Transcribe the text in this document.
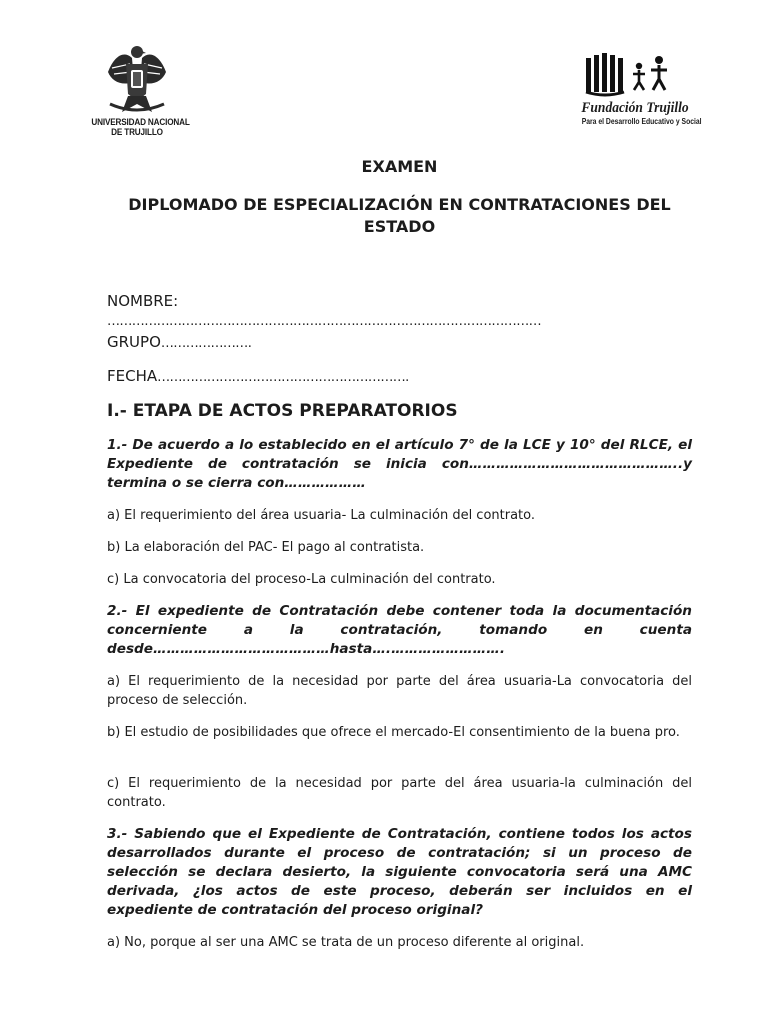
UNIVERSIDAD NACIONAL
DE TRUJILLO
Fundación Trujillo
Para el Desarrollo Educativo y Social
EXAMEN
DIPLOMADO DE ESPECIALIZACIÓN EN CONTRATACIONES DEL ESTADO
NOMBRE:
……………………………………………………………………………………………
GRUPO………………….
FECHA…………………………………………………….
I.- ETAPA DE ACTOS PREPARATORIOS
1.- De acuerdo a lo establecido en el artículo 7° de la LCE y 10° del RLCE, el Expediente de contratación se inicia con………………………………………..y termina o se cierra con………………
a) El requerimiento del área usuaria- La culminación del contrato.
b) La elaboración del PAC- El pago al contratista.
c) La convocatoria del proceso-La culminación del contrato.
2.- El expediente de Contratación debe contener toda la documentación concerniente a la contratación, tomando en cuenta desde…………………………………hasta….…………………….
a) El requerimiento de la necesidad por parte del área usuaria-La convocatoria del proceso de selección.
b) El estudio de posibilidades que ofrece el mercado-El consentimiento de la buena pro.
c) El requerimiento de la necesidad por parte del área usuaria-la culminación del contrato.
3.- Sabiendo que el Expediente de Contratación, contiene todos los actos desarrollados durante el proceso de contratación; si un proceso de selección se declara desierto, la siguiente convocatoria será una AMC derivada, ¿los actos de este proceso, deberán ser incluidos en el expediente de contratación del proceso original?
a) No, porque al ser una AMC se trata de un proceso diferente al original.
